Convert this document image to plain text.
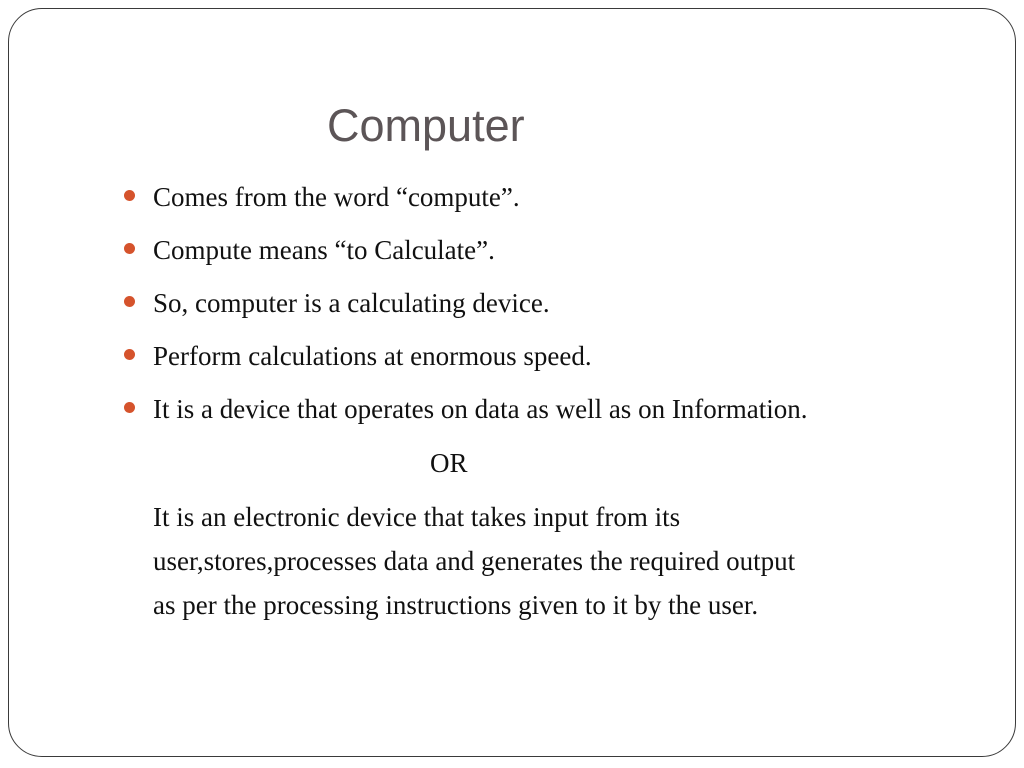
Computer
Comes from the word “compute”.
Compute means “to Calculate”.
So, computer is a calculating device.
Perform calculations at enormous speed.
It is a device that operates on data as well as on Information.
OR

It is an electronic device that takes input from its
user,stores,processes data and generates the required output
as per the processing instructions given to it by the user.
